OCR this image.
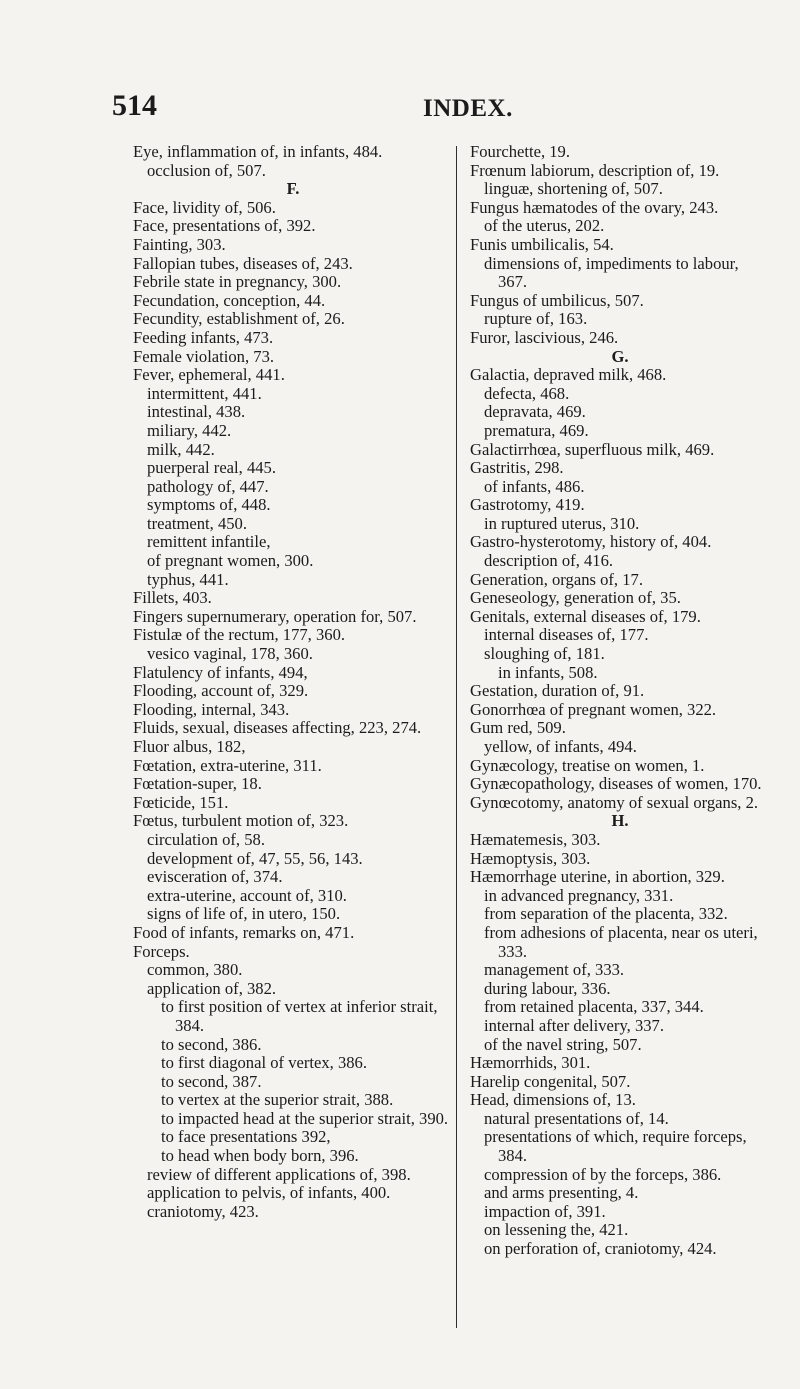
514	INDEX.
Eye, inflammation of, in infants, 484.
occlusion of, 507.
F.
Face, lividity of, 506.
Face, presentations of, 392.
Fainting, 303.
Fallopian tubes, diseases of, 243.
Febrile state in pregnancy, 300.
Fecundation, conception, 44.
Fecundity, establishment of, 26.
Feeding infants, 473.
Female violation, 73.
Fever, ephemeral, 441.
intermittent, 441.
intestinal, 438.
miliary, 442.
milk, 442.
puerperal real, 445.
pathology of, 447.
symptoms of, 448.
treatment, 450.
remittent infantile,
of pregnant women, 300.
typhus, 441.
Fillets, 403.
Fingers supernumerary, operation for, 507.
Fistulæ of the rectum, 177, 360.
vesico vaginal, 178, 360.
Flatulency of infants, 494,
Flooding, account of, 329.
Flooding, internal, 343.
Fluids, sexual, diseases affecting, 223, 274.
Fluor albus, 182,
Fœtation, extra-uterine, 311.
Fœtation-super, 18.
Fœticide, 151.
Fœtus, turbulent motion of, 323.
circulation of, 58.
development of, 47, 55, 56, 143.
evisceration of, 374.
extra-uterine, account of, 310.
signs of life of, in utero, 150.
Food of infants, remarks on, 471.
Forceps.
common, 380.
application of, 382.
to first position of vertex at inferior strait, 384.
to second, 386.
to first diagonal of vertex, 386.
to second, 387.
to vertex at the superior strait, 388.
to impacted head at the superior strait, 390.
to face presentations 392,
to head when body born, 396.
review of different applications of, 398.
application to pelvis, of infants, 400.
craniotomy, 423.
Fourchette, 19.
Frœnum labiorum, description of, 19.
linguæ, shortening of, 507.
Fungus hæmatodes of the ovary, 243.
of the uterus, 202.
Funis umbilicalis, 54.
dimensions of, impediments to labour, 367.
Fungus of umbilicus, 507.
rupture of, 163.
Furor, lascivious, 246.
G.
Galactia, depraved milk, 468.
defecta, 468.
depravata, 469.
prematura, 469.
Galactirrhœa, superfluous milk, 469.
Gastritis, 298.
of infants, 486.
Gastrotomy, 419.
in ruptured uterus, 310.
Gastro-hysterotomy, history of, 404.
description of, 416.
Generation, organs of, 17.
Geneseology, generation of, 35.
Genitals, external diseases of, 179.
internal diseases of, 177.
sloughing of, 181.
in infants, 508.
Gestation, duration of, 91.
Gonorrhœa of pregnant women, 322.
Gum red, 509.
yellow, of infants, 494.
Gynæcology, treatise on women, 1.
Gynæcopathology, diseases of women, 170.
Gynœcotomy, anatomy of sexual organs, 2.
H.
Hæmatemesis, 303.
Hæmoptysis, 303.
Hæmorrhage uterine, in abortion, 329.
in advanced pregnancy, 331.
from separation of the placenta, 332.
from adhesions of placenta, near os uteri, 333.
management of, 333.
during labour, 336.
from retained placenta, 337, 344.
internal after delivery, 337.
of the navel string, 507.
Hæmorrhids, 301.
Harelip congenital, 507.
Head, dimensions of, 13.
natural presentations of, 14.
presentations of which, require forceps, 384.
compression of by the forceps, 386.
and arms presenting, 4.
impaction of, 391.
on lessening the, 421.
on perforation of, craniotomy, 424.
